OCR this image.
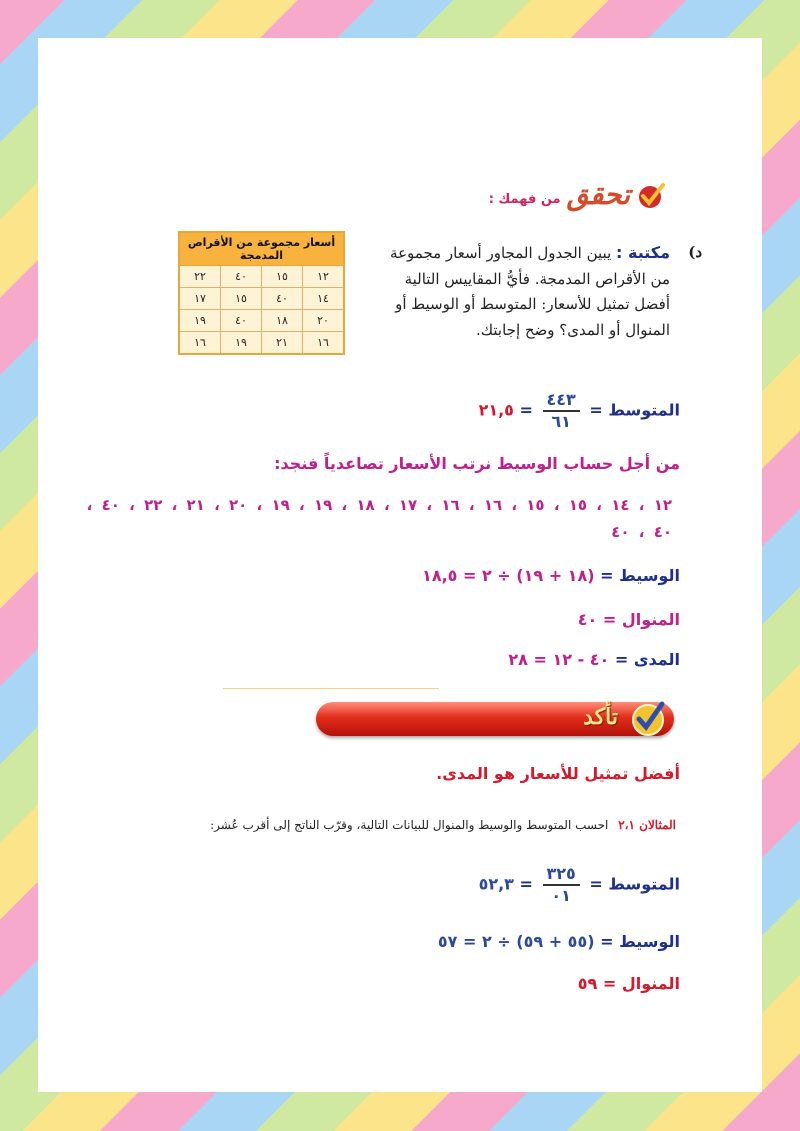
تحقق
من فهمك :
د)
مكتبة : يبين الجدول المجاور أسعار مجموعة من الأقراص المدمجة. فأيُّ المقاييس التالية أفضل تمثيل للأسعار: المتوسط أو الوسيط أو المنوال أو المدى؟ وضح إجابتك.
أسعار مجموعة من الأقراص المدمجة			
١٢	١٥	٤٠	٢٢
١٤	٤٠	١٥	١٧
٢٠	١٨	٤٠	١٩
١٦	٢١	١٩	١٦
المتوسط =
$\frac{٤٤٣}{٦١}$
= ٢١,٥
من أجل حساب الوسيط نرتب الأسعار تصاعدياً فنجد:
١٢ ، ١٤ ، ١٥ ، ١٥ ، ١٦ ، ١٦ ، ١٧ ، ١٨ ، ١٩ ، ١٩ ، ٢٠ ، ٢١ ، ٢٢ ، ٤٠ ، ٤٠ ، ٤٠
الوسيط = (١٨ + ١٩) ÷ ٢ = ١٨,٥
المنوال = ٤٠
المدى = ٤٠ - ١٢ = ٢٨
تأكد
أفضل تمثيل للأسعار هو المدى.
المثالان ٢،١ احسب المتوسط والوسيط والمنوال للبيانات التالية، وقرّب الناتج إلى أقرب عُشر:
المتوسط =
$\frac{٣٢٥}{٠١}$
= ٥٢,٣
الوسيط = (٥٥ + ٥٩) ÷ ٢ = ٥٧
المنوال = ٥٩
